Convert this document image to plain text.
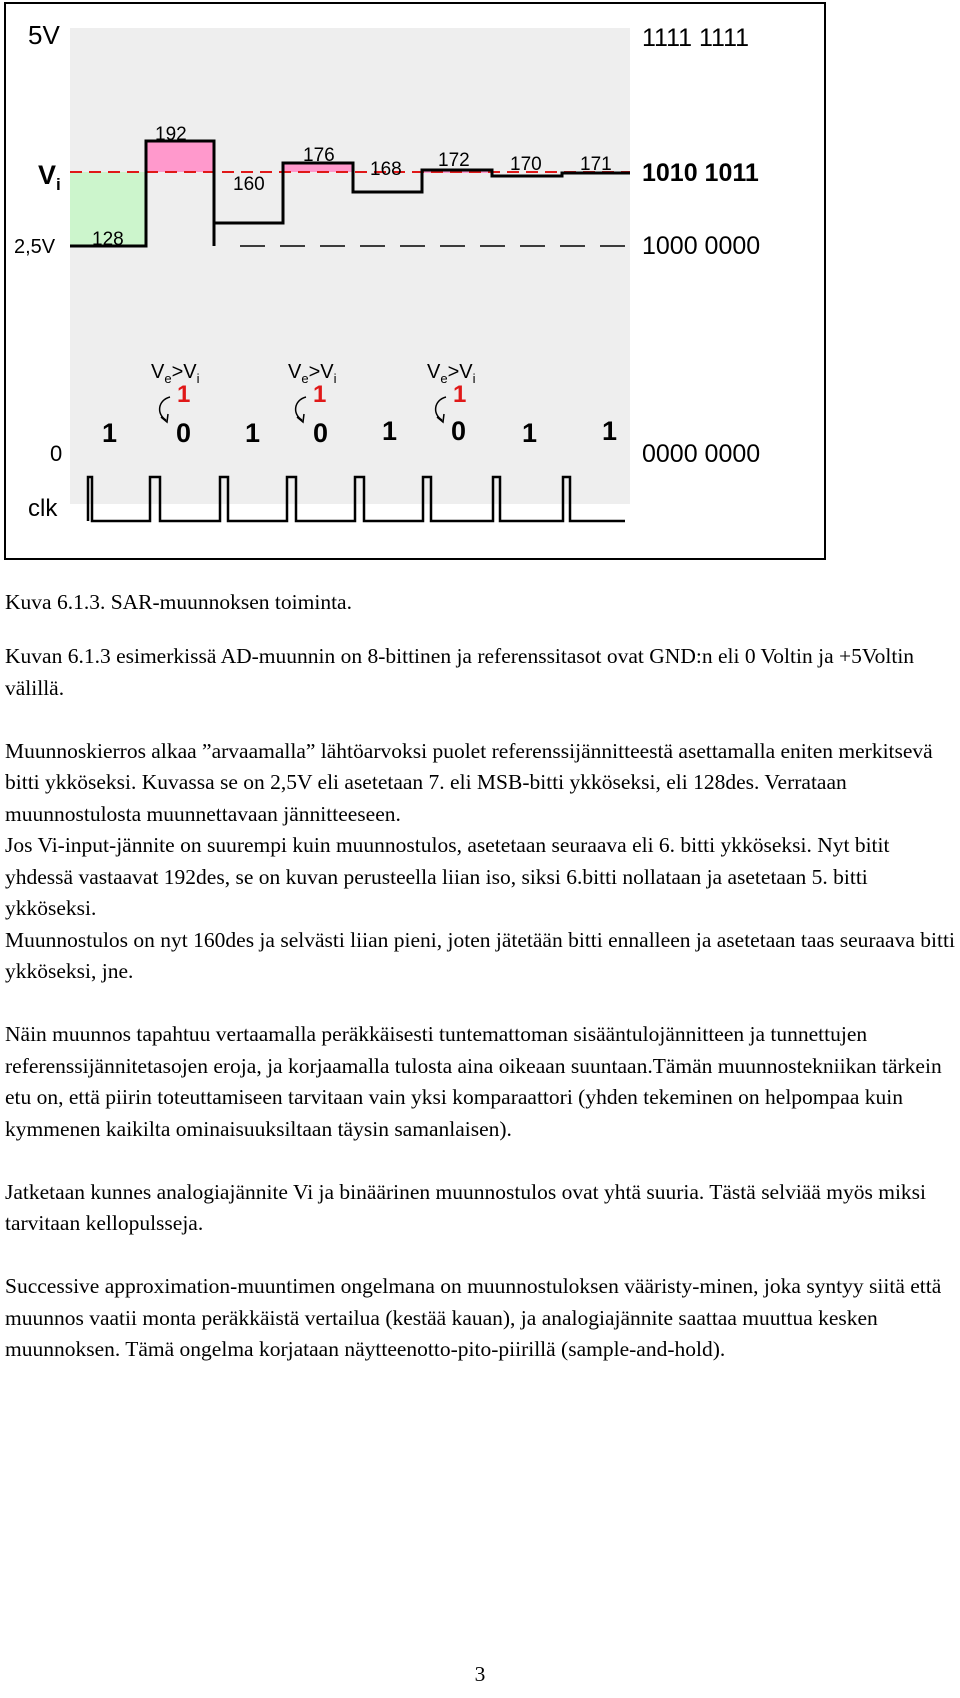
5V
$V_i$
2,5V
0
clk
1111 1111
1010 1011
1000 0000
0000 0000
128
192
160
176
168 172 170 171
$V_e>V_i$
1
$V_e>V_i$
1
$V_e>V_i$
1
1 0 1 0 1 0 1 1

Kuva 6.1.3. SAR-muunnoksen toiminta.

Kuvan 6.1.3 esimerkissä AD-muunnin on 8-bittinen ja referenssitasot ovat GND:n eli 0 Voltin ja +5Voltin välillä.

Muunnoskierros alkaa ”arvaamalla” lähtöarvoksi puolet referenssijännitteestä asettamalla eniten merkitsevä bitti ykköseksi. Kuvassa se on 2,5V eli asetetaan 7. eli MSB-bitti ykköseksi, eli 128des. Verrataan muunnostulosta muunnettavaan jännitteeseen.
Jos Vi-input-jännite on suurempi kuin muunnostulos, asetetaan seuraava eli 6. bitti ykköseksi. Nyt bitit yhdessä vastaavat 192des, se on kuvan perusteella liian iso, siksi 6.bitti nollataan ja asetetaan 5. bitti ykköseksi.
Muunnostulos on nyt 160des ja selvästi liian pieni, joten jätetään bitti ennalleen ja asetetaan taas seuraava bitti ykköseksi, jne.

Näin muunnos tapahtuu vertaamalla peräkkäisesti tuntemattoman sisääntulojännitteen ja tunnettujen referenssijännitetasojen eroja, ja korjaamalla tulosta aina oikeaan suuntaan.Tämän muunnostekniikan tärkein etu on, että piirin toteuttamiseen tarvitaan vain yksi komparaattori (yhden tekeminen on helpompaa kuin kymmenen kaikilta ominaisuuksiltaan täysin samanlaisen).

Jatketaan kunnes analogiajännite Vi ja binäärinen muunnostulos ovat yhtä suuria. Tästä selviää myös miksi tarvitaan kellopulsseja.

Successive approximation-muuntimen ongelmana on muunnostuloksen vääristy-minen, joka syntyy siitä että muunnos vaatii monta peräkkäistä vertailua (kestää kauan), ja analogiajännite saattaa muuttua kesken muunnoksen. Tämä ongelma korjataan näytteenotto-pito-piirillä (sample-and-hold).

3
